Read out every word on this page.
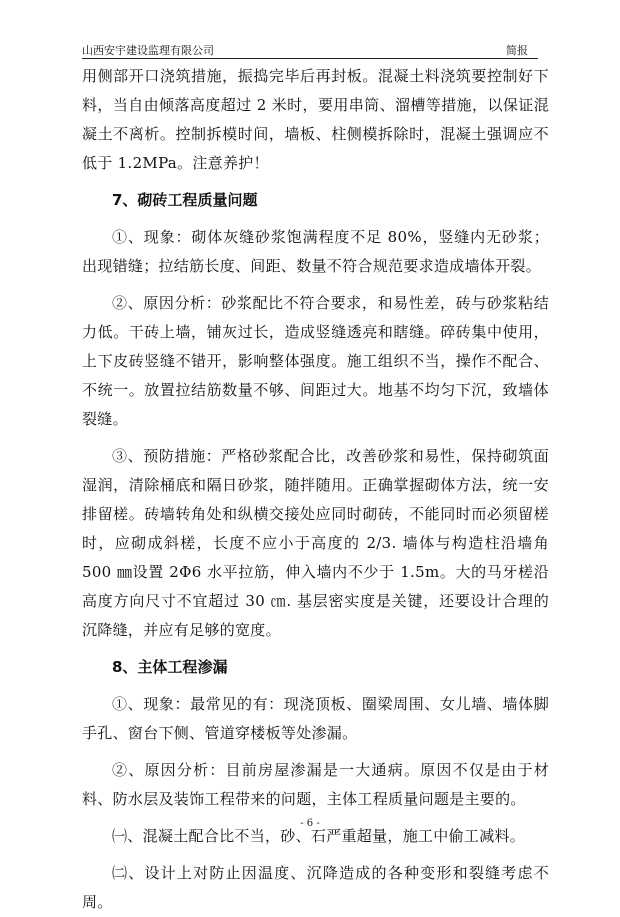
山西安宇建设监理有限公司	简报

用侧部开口浇筑措施，振捣完毕后再封板。混凝土料浇筑要控制好下料，当自由倾落高度超过 2 米时，要用串筒、溜槽等措施，以保证混凝土不离析。控制拆模时间，墙板、柱侧模拆除时，混凝土强调应不低于 1.2MPa。注意养护！

7、砌砖工程质量问题

①、现象：砌体灰缝砂浆饱满程度不足 80%，竖缝内无砂浆；出现错缝；拉结筋长度、间距、数量不符合规范要求造成墙体开裂。

②、原因分析：砂浆配比不符合要求，和易性差，砖与砂浆粘结力低。干砖上墙，铺灰过长，造成竖缝透亮和瞎缝。碎砖集中使用，上下皮砖竖缝不错开，影响整体强度。施工组织不当，操作不配合、不统一。放置拉结筋数量不够、间距过大。地基不均匀下沉，致墙体裂缝。

③、预防措施：严格砂浆配合比，改善砂浆和易性，保持砌筑面湿润，清除桶底和隔日砂浆，随拌随用。正确掌握砌体方法，统一安排留槎。砖墙转角处和纵横交接处应同时砌砖，不能同时而必须留槎时，应砌成斜槎，长度不应小于高度的 2/3. 墙体与构造柱沿墙角 500 ㎜设置 2Φ6 水平拉筋，伸入墙内不少于 1.5m。大的马牙槎沿高度方向尺寸不宜超过 30 ㎝. 基层密实度是关键，还要设计合理的沉降缝，并应有足够的宽度。

8、主体工程渗漏

①、现象：最常见的有：现浇顶板、圈梁周围、女儿墙、墙体脚手孔、窗台下侧、管道穿楼板等处渗漏。

②、原因分析：目前房屋渗漏是一大通病。原因不仅是由于材料、防水层及装饰工程带来的问题，主体工程质量问题是主要的。

㈠、混凝土配合比不当，砂、石严重超量，施工中偷工减料。

㈡、设计上对防止因温度、沉降造成的各种变形和裂缝考虑不周。

- 6 -
